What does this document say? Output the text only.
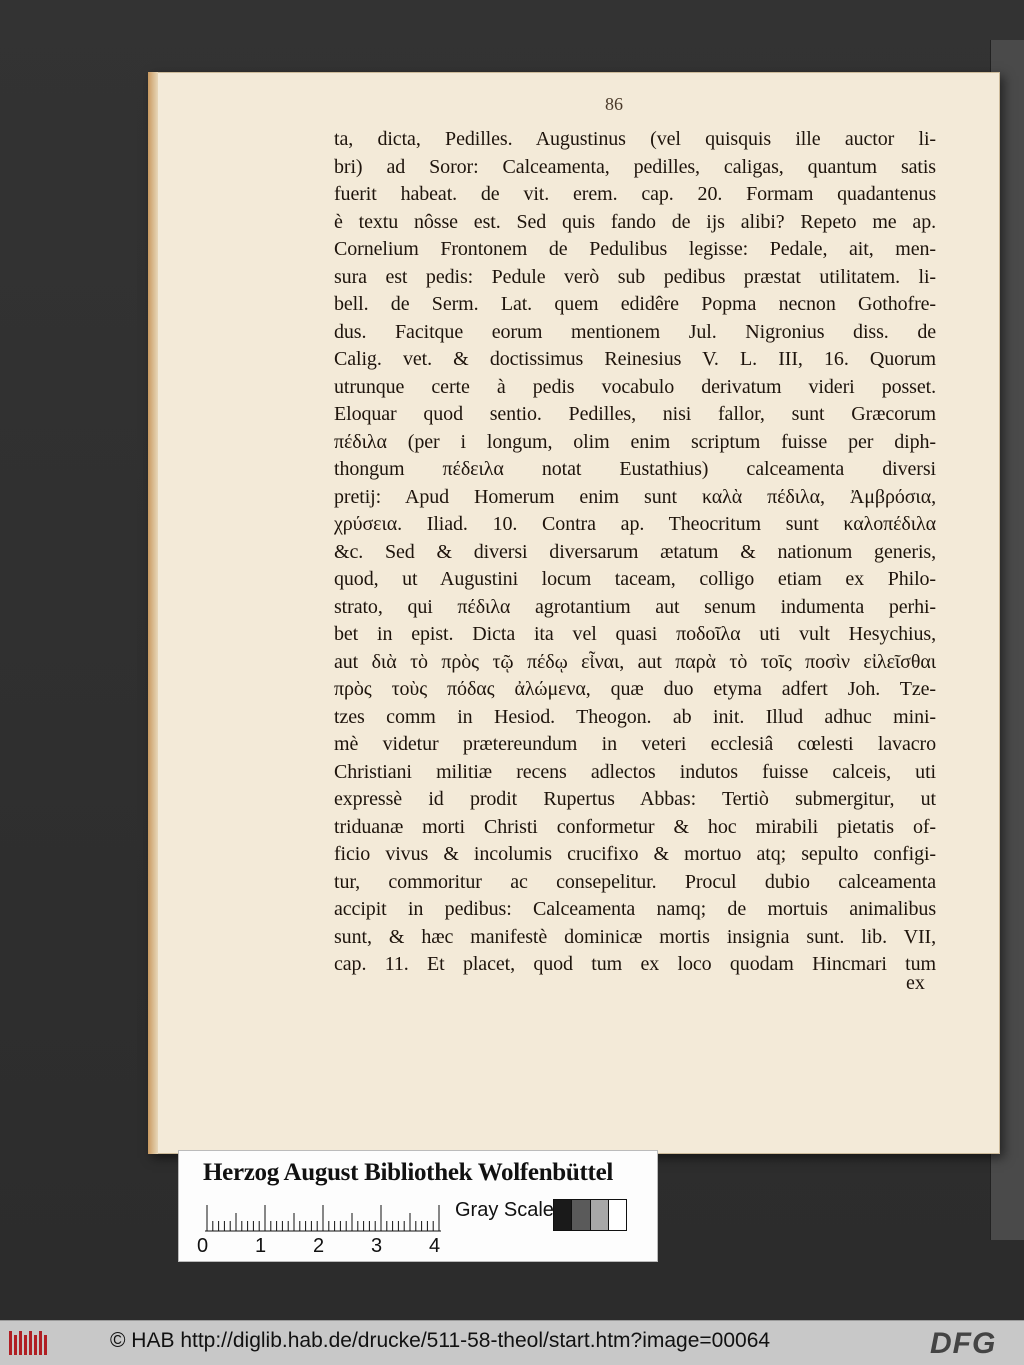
86
ta, dicta, Pedilles. Augustinus (vel quisquis ille auctor li-
bri) ad Soror: Calceamenta, pedilles, caligas, quantum satis
fuerit habeat. de vit. erem. cap. 20. Formam quadantenus
è textu nôsse est. Sed quis fando de ijs alibi? Repeto me ap.
Cornelium Frontonem de Pedulibus legisse: Pedale, ait, men-
sura est pedis: Pedule verò sub pedibus præstat utilitatem. li-
bell. de Serm. Lat. quem edidêre Popma necnon Gothofre-
dus. Facitque eorum mentionem Jul. Nigronius diss. de
Calig. vet. & doctissimus Reinesius V. L. III, 16. Quorum
utrunque certe à pedis vocabulo derivatum videri posset.
Eloquar quod sentio. Pedilles, nisi fallor, sunt Græcorum
πέδιλα (per i longum, olim enim scriptum fuisse per diph-
thongum πέδειλα notat Eustathius) calceamenta diversi
pretij: Apud Homerum enim sunt καλὰ πέδιλα, Ἀμβρόσια,
χρύσεια. Iliad. 10. Contra ap. Theocritum sunt καλοπέδιλα
&c. Sed & diversi diversarum ætatum & nationum generis,
quod, ut Augustini locum taceam, colligo etiam ex Philo-
strato, qui πέδιλα agrotantium aut senum indumenta perhi-
bet in epist. Dicta ita vel quasi ποδοῖλα uti vult Hesychius,
aut διὰ τὸ πρὸς τῷ πέδῳ εἶναι, aut παρὰ τὸ τοῖς ποσὶν εἰλεῖσθαι
πρὸς τοὺς πόδας ἀλώμενα, quæ duo etyma adfert Joh. Tze-
tzes comm in Hesiod. Theogon. ab init. Illud adhuc mini-
mè videtur prætereundum in veteri ecclesiâ cœlesti lavacro
Christiani militiæ recens adlectos indutos fuisse calceis, uti
expressè id prodit Rupertus Abbas: Tertiò submergitur, ut
triduanæ morti Christi conformetur & hoc mirabili pietatis of-
ficio vivus & incolumis crucifixo & mortuo atq; sepulto configi-
tur, commoritur ac consepelitur. Procul dubio calceamenta
accipit in pedibus: Calceamenta namq; de mortuis animalibus
sunt, & hæc manifestè dominicæ mortis insignia sunt. lib. VII,
cap. 11. Et placet, quod tum ex loco quodam Hincmari tum
ex
Herzog August Bibliothek Wolfenbüttel
0 1 2 3 4
Gray Scale
© HAB http://diglib.hab.de/drucke/511-58-theol/start.htm?image=00064	DFG
